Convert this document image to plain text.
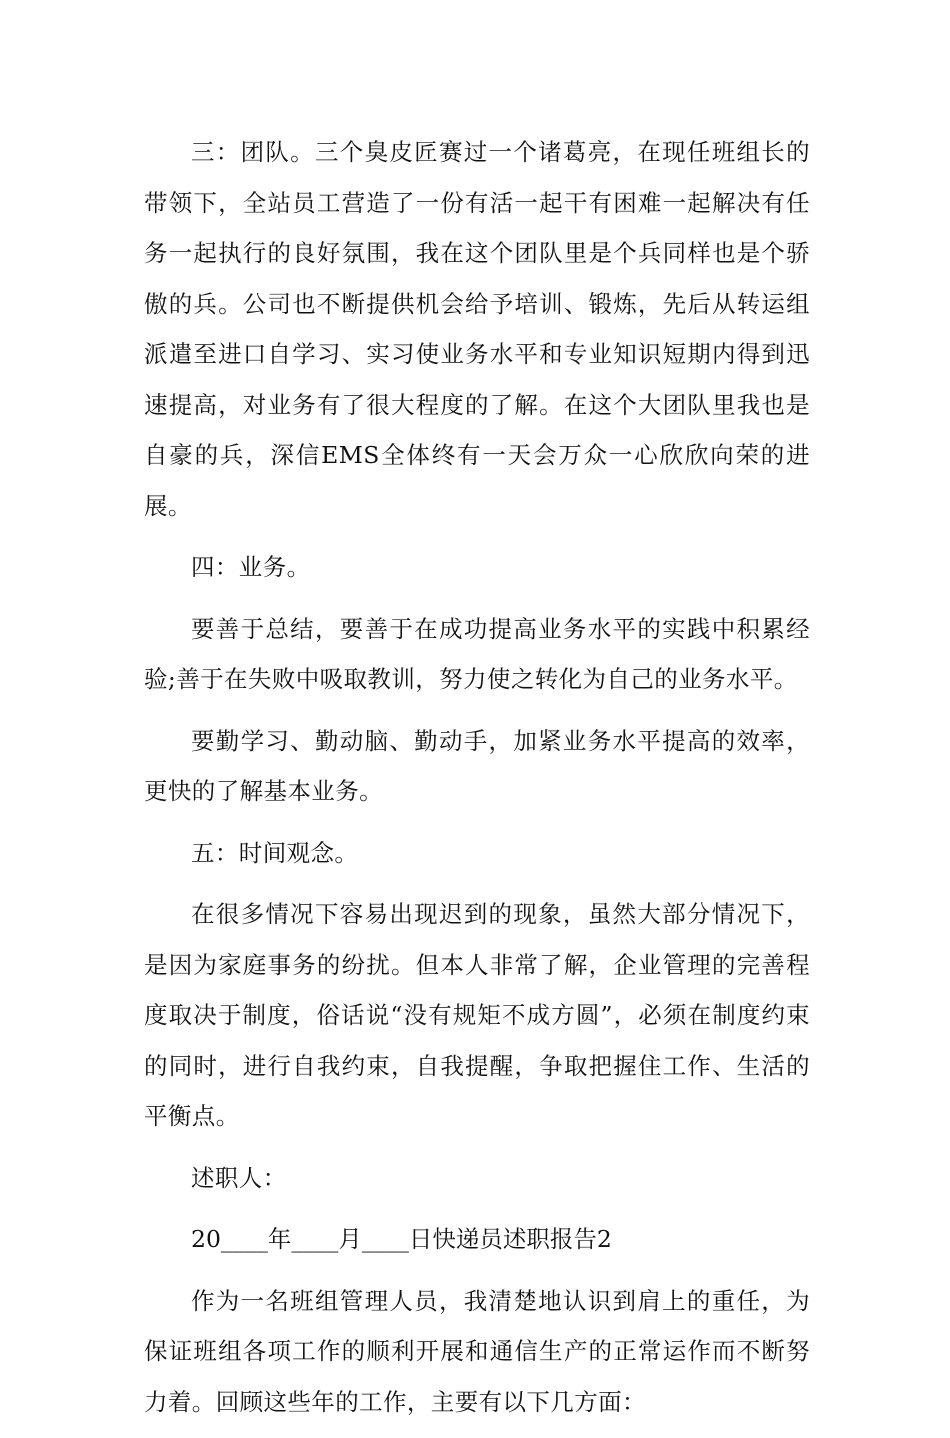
三：团队。三个臭皮匠赛过一个诸葛亮，在现任班组长的带领下，全站员工营造了一份有活一起干有困难一起解决有任务一起执行的良好氛围，我在这个团队里是个兵同样也是个骄傲的兵。公司也不断提供机会给予培训、锻炼，先后从转运组派遣至进口自学习、实习使业务水平和专业知识短期内得到迅速提高，对业务有了很大程度的了解。在这个大团队里我也是自豪的兵，深信EMS全体终有一天会万众一心欣欣向荣的进展。

四：业务。

要善于总结，要善于在成功提高业务水平的实践中积累经验;善于在失败中吸取教训，努力使之转化为自己的业务水平。

要勤学习、勤动脑、勤动手，加紧业务水平提高的效率，更快的了解基本业务。

五：时间观念。

在很多情况下容易出现迟到的现象，虽然大部分情况下，是因为家庭事务的纷扰。但本人非常了解，企业管理的完善程度取决于制度，俗话说“没有规矩不成方圆”，必须在制度约束的同时，进行自我约束，自我提醒，争取把握住工作、生活的平衡点。

述职人：

20____年____月____日快递员述职报告2

作为一名班组管理人员，我清楚地认识到肩上的重任，为保证班组各项工作的顺利开展和通信生产的正常运作而不断努力着。回顾这些年的工作，主要有以下几方面：
